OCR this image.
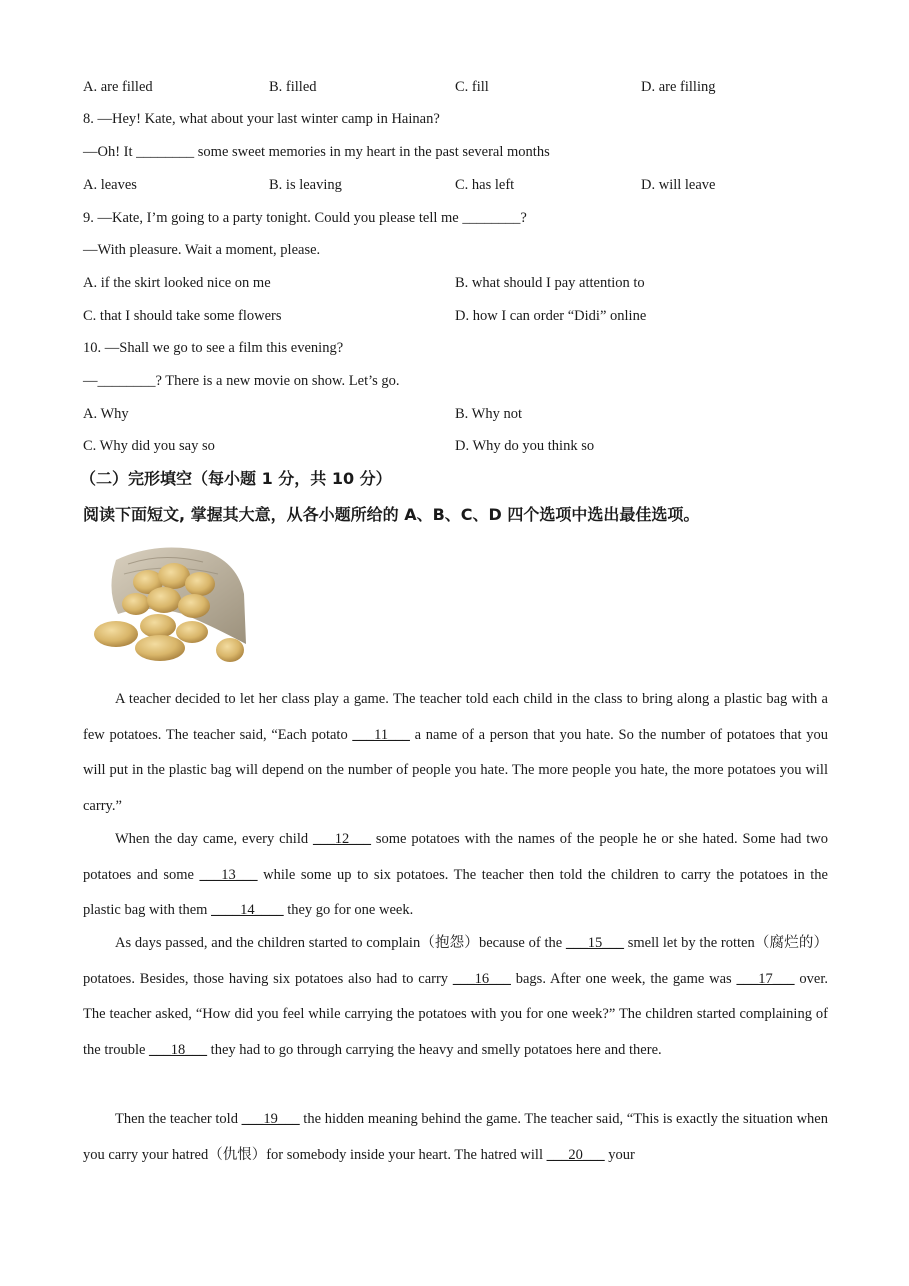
A. are filled	B. filled	C. fill	D. are filling
8. —Hey! Kate, what about your last winter camp in Hainan?
—Oh! It ________ some sweet memories in my heart in the past several months
A. leaves	B. is leaving	C. has left	D. will leave
9. —Kate, I’m going to a party tonight. Could you please tell me ________?
—With pleasure. Wait a moment, please.
A. if the skirt looked nice on me	B. what should I pay attention to
C. that I should take some flowers	D. how I can order “Didi” online
10. —Shall we go to see a film this evening?
—________? There is a new movie on show. Let’s go.
A. Why	B. Why not
C. Why did you say so	D. Why do you think so
（二）完形填空（每小题 1 分，共 10 分）
阅读下面短文, 掌握其大意，从各小题所给的 A、B、C、D 四个选项中选出最佳选项。
A teacher decided to let her class play a game. The teacher told each child in the class to bring along a plastic bag with a few potatoes. The teacher said, “Each potato ___11___ a name of a person that you hate. So the number of potatoes that you will put in the plastic bag will depend on the number of people you hate. The more people you hate, the more potatoes you will carry.”
When the day came, every child ___12___ some potatoes with the names of the people he or she hated. Some had two potatoes and some ___13___ while some up to six potatoes. The teacher then told the children to carry the potatoes in the plastic bag with them ____14____ they go for one week.
As days passed, and the children started to complain（抱怨）because of the ___15___ smell let by the rotten（腐烂的）potatoes. Besides, those having six potatoes also had to carry ___16___ bags. After one week, the game was ___17___ over. The teacher asked, “How did you feel while carrying the potatoes with you for one week?” The children started complaining of the trouble ___18___ they had to go through carrying the heavy and smelly potatoes here and there.
Then the teacher told ___19___ the hidden meaning behind the game. The teacher said, “This is exactly the situation when you carry your hatred（仇恨）for somebody inside your heart. The hatred will ___20___ your
